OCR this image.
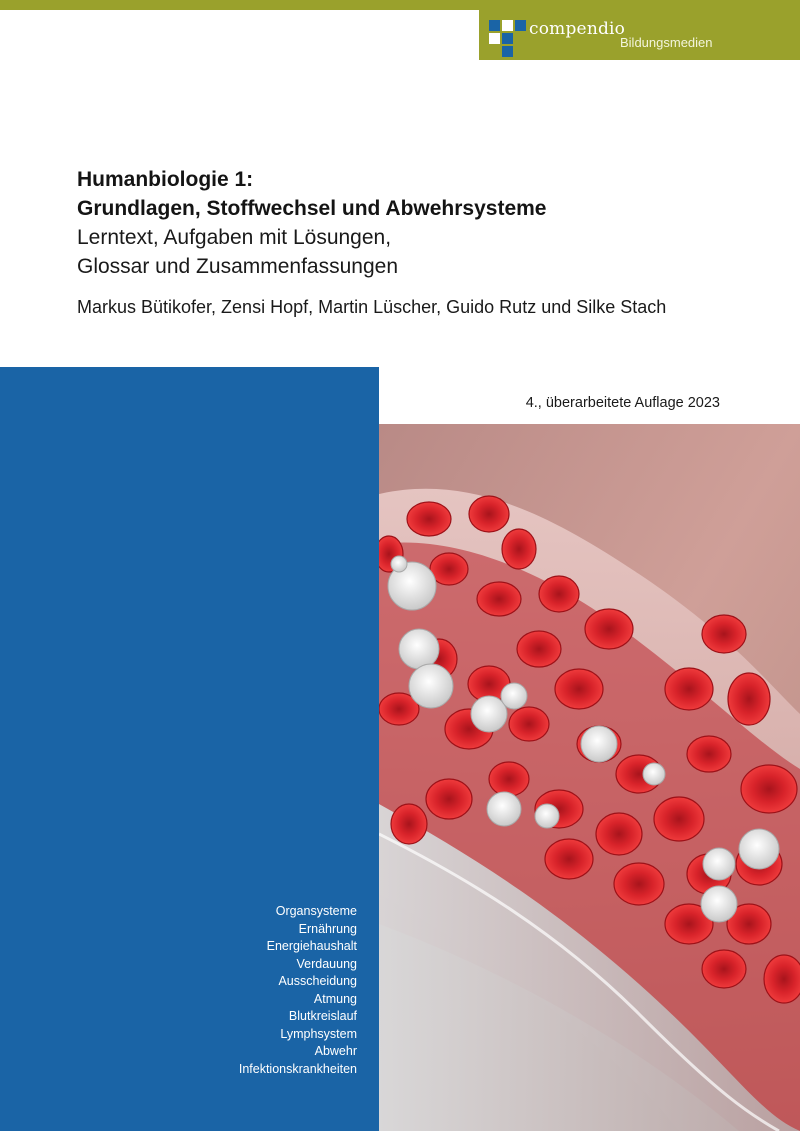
compendio
Bildungsmedien
Humanbiologie 1:
Grundlagen, Stoffwechsel und Abwehrsysteme
Lerntext, Aufgaben mit Lösungen,
Glossar und Zusammenfassungen
Markus Bütikofer, Zensi Hopf, Martin Lüscher, Guido Rutz und Silke Stach
4., überarbeitete Auflage 2023
Organsysteme
Ernährung
Energiehaushalt
Verdauung
Ausscheidung
Atmung
Blutkreislauf
Lymphsystem
Abwehr
Infektionskrankheiten
